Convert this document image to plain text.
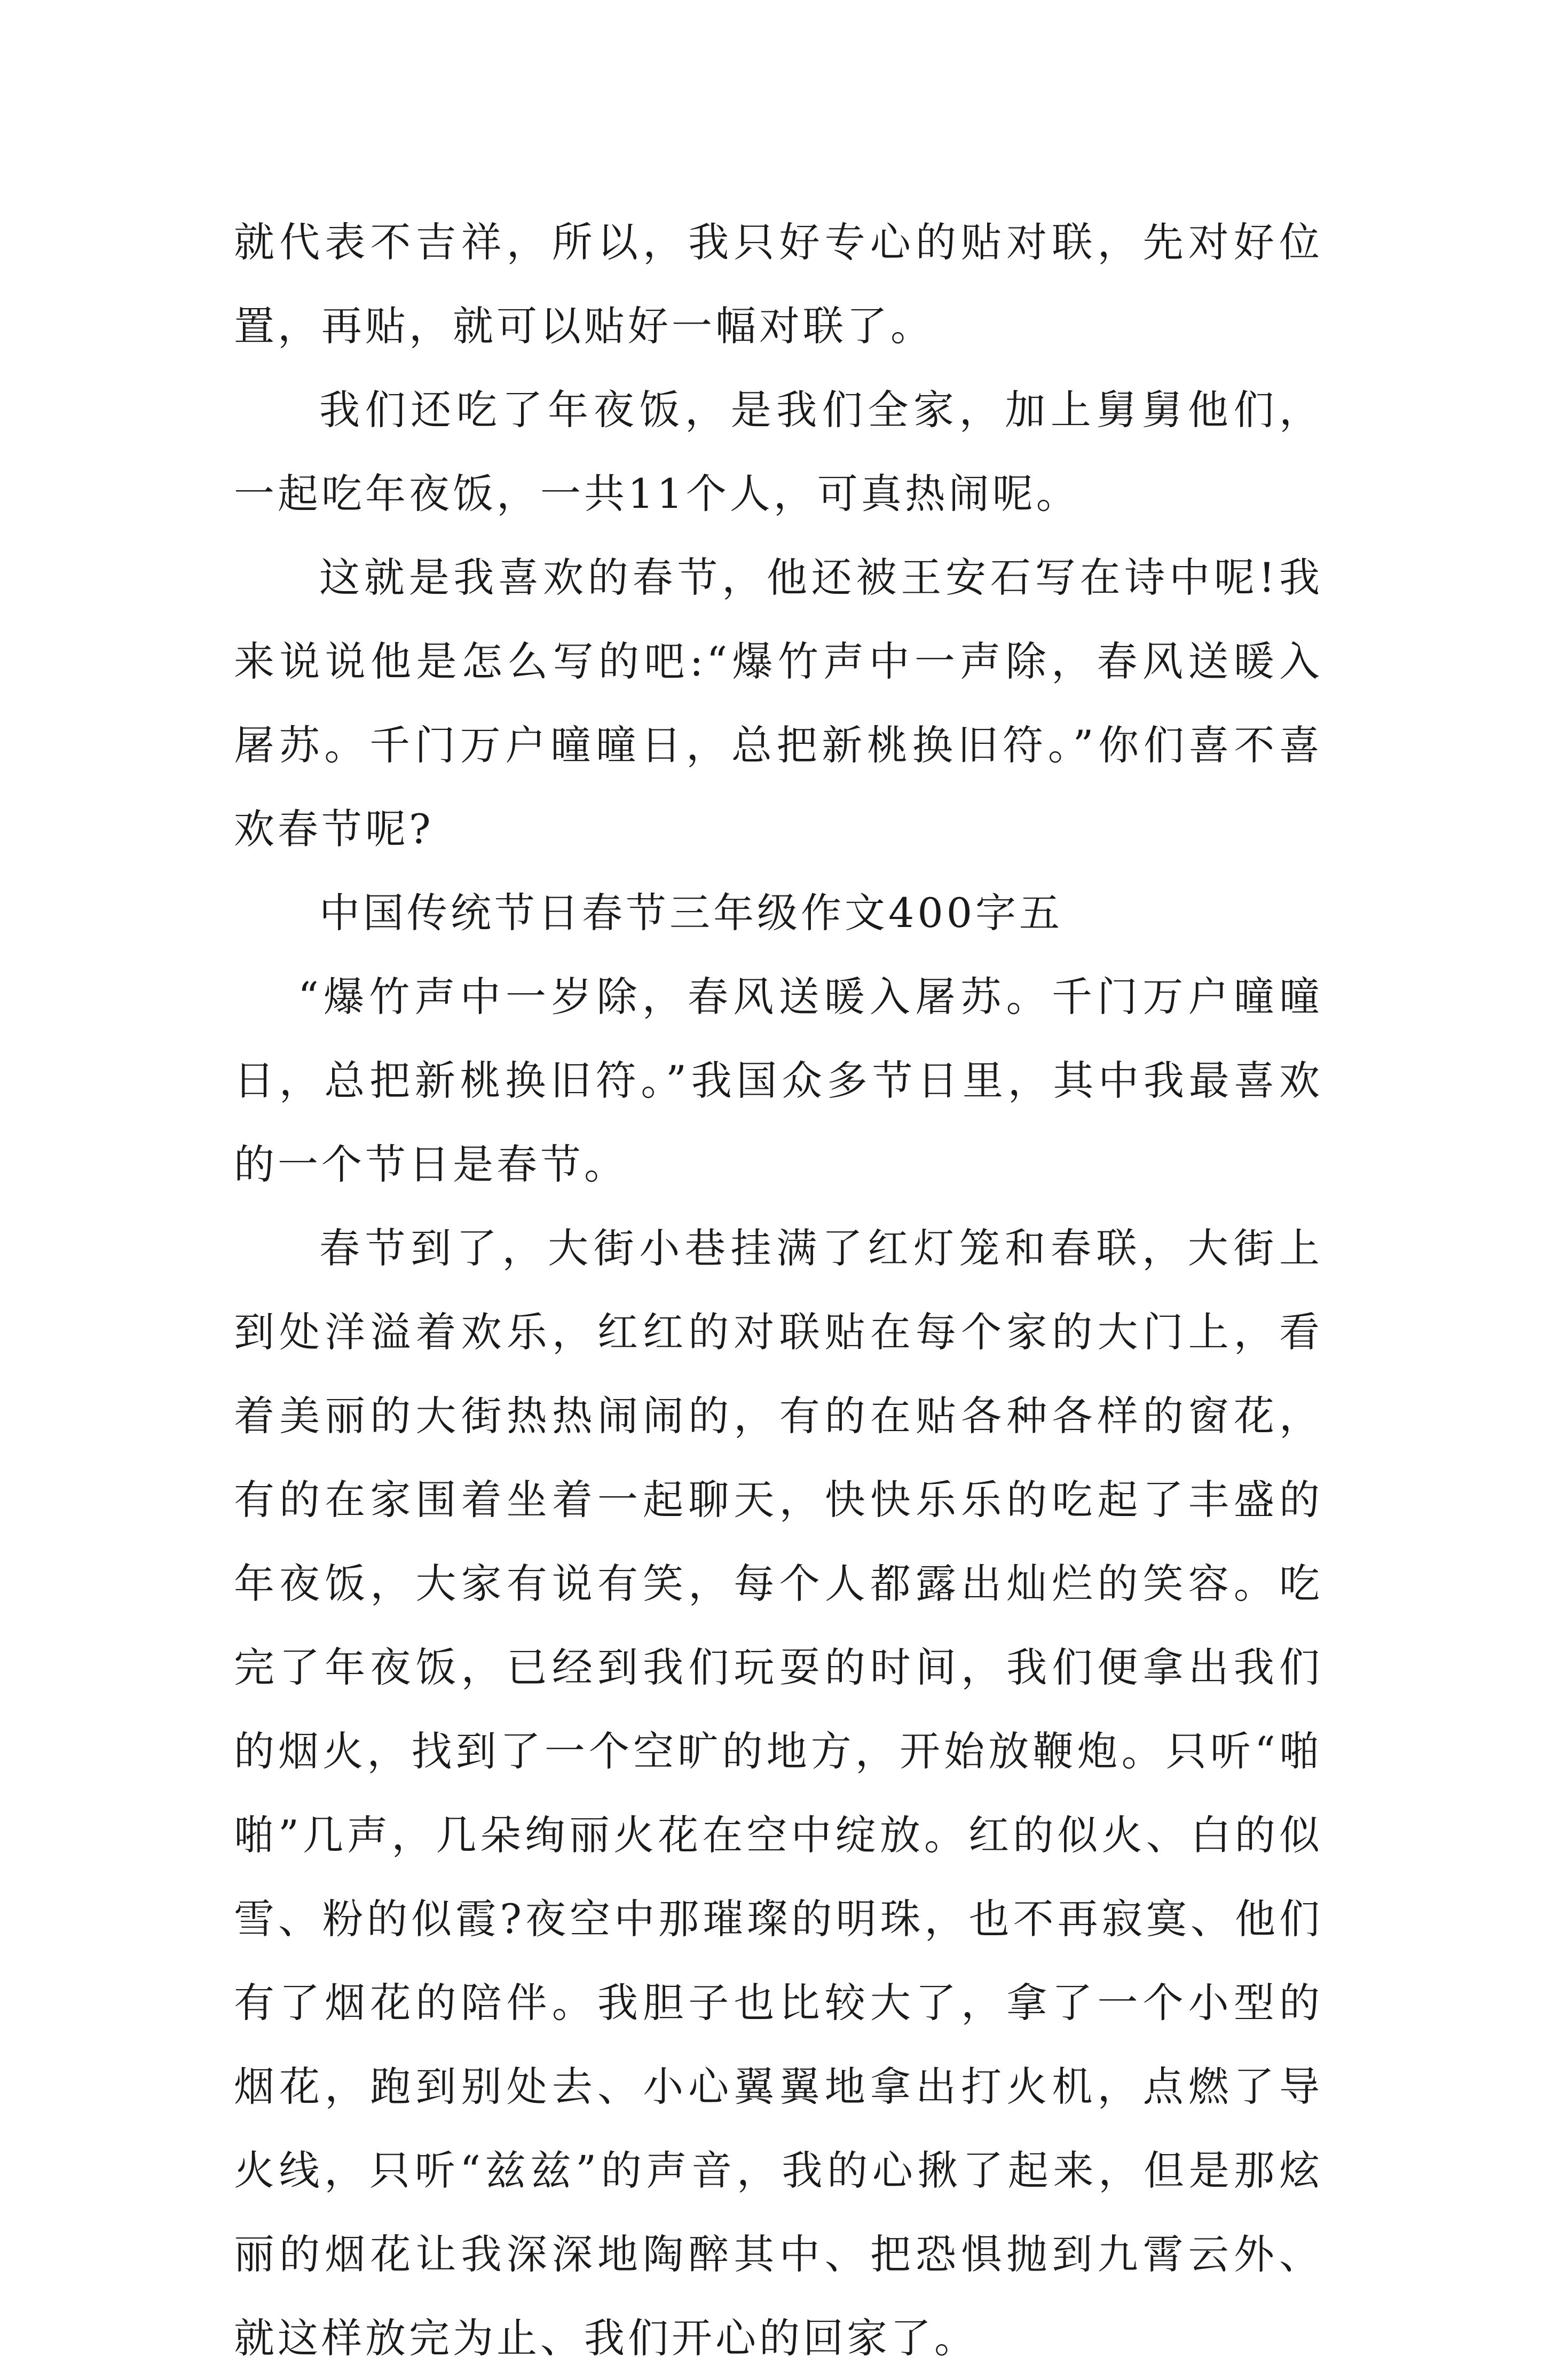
就代表不吉祥，所以，我只好专心的贴对联，先对好位置，再贴，就可以贴好一幅对联了。

我们还吃了年夜饭，是我们全家，加上舅舅他们，一起吃年夜饭，一共11个人，可真热闹呢。

这就是我喜欢的春节，他还被王安石写在诗中呢!我来说说他是怎么写的吧:“爆竹声中一声除，春风送暖入屠苏。千门万户曈曈日，总把新桃换旧符。”你们喜不喜欢春节呢?

中国传统节日春节三年级作文400字五

“爆竹声中一岁除，春风送暖入屠苏。千门万户曈曈日，总把新桃换旧符。”我国众多节日里，其中我最喜欢的一个节日是春节。

春节到了，大街小巷挂满了红灯笼和春联，大街上到处洋溢着欢乐，红红的对联贴在每个家的大门上，看着美丽的大街热热闹闹的，有的在贴各种各样的窗花，有的在家围着坐着一起聊天，快快乐乐的吃起了丰盛的年夜饭，大家有说有笑，每个人都露出灿烂的笑容。吃完了年夜饭，已经到我们玩耍的时间，我们便拿出我们的烟火，找到了一个空旷的地方，开始放鞭炮。只听“啪啪”几声，几朵绚丽火花在空中绽放。红的似火、白的似雪、粉的似霞?夜空中那璀璨的明珠，也不再寂寞、他们有了烟花的陪伴。我胆子也比较大了，拿了一个小型的烟花，跑到别处去、小心翼翼地拿出打火机，点燃了导火线，只听“兹兹”的声音，我的心揪了起来，但是那炫丽的烟花让我深深地陶醉其中、把恐惧抛到九霄云外、就这样放完为止、我们开心的回家了。
